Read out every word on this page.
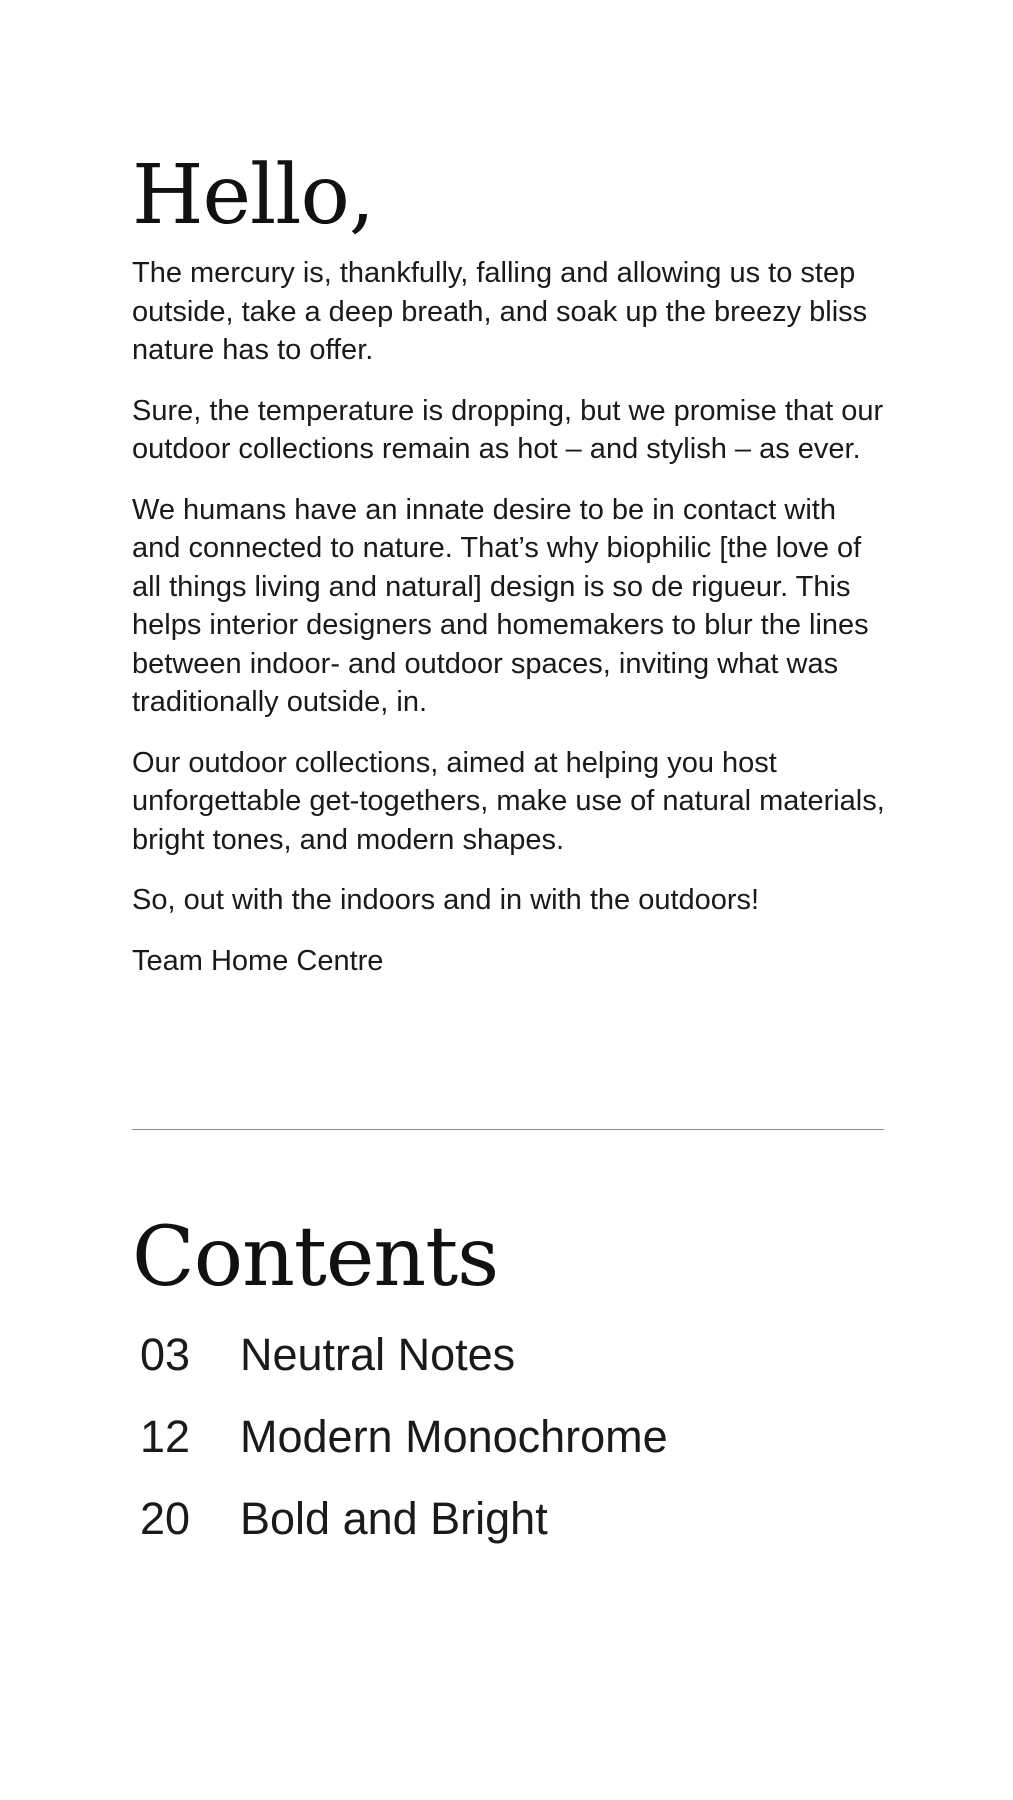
Hello,

The mercury is, thankfully, falling and allowing us to step outside, take a deep breath, and soak up the breezy bliss nature has to offer.

Sure, the temperature is dropping, but we promise that our outdoor collections remain as hot – and stylish – as ever.

We humans have an innate desire to be in contact with and connected to nature. That’s why biophilic [the love of all things living and natural] design is so de rigueur. This helps interior designers and homemakers to blur the lines between indoor- and outdoor spaces, inviting what was traditionally outside, in.

Our outdoor collections, aimed at helping you host unforgettable get-togethers, make use of natural materials, bright tones, and modern shapes.

So, out with the indoors and in with the outdoors!

Team Home Centre

Contents
03	Neutral Notes
12	Modern Monochrome
20	Bold and Bright
